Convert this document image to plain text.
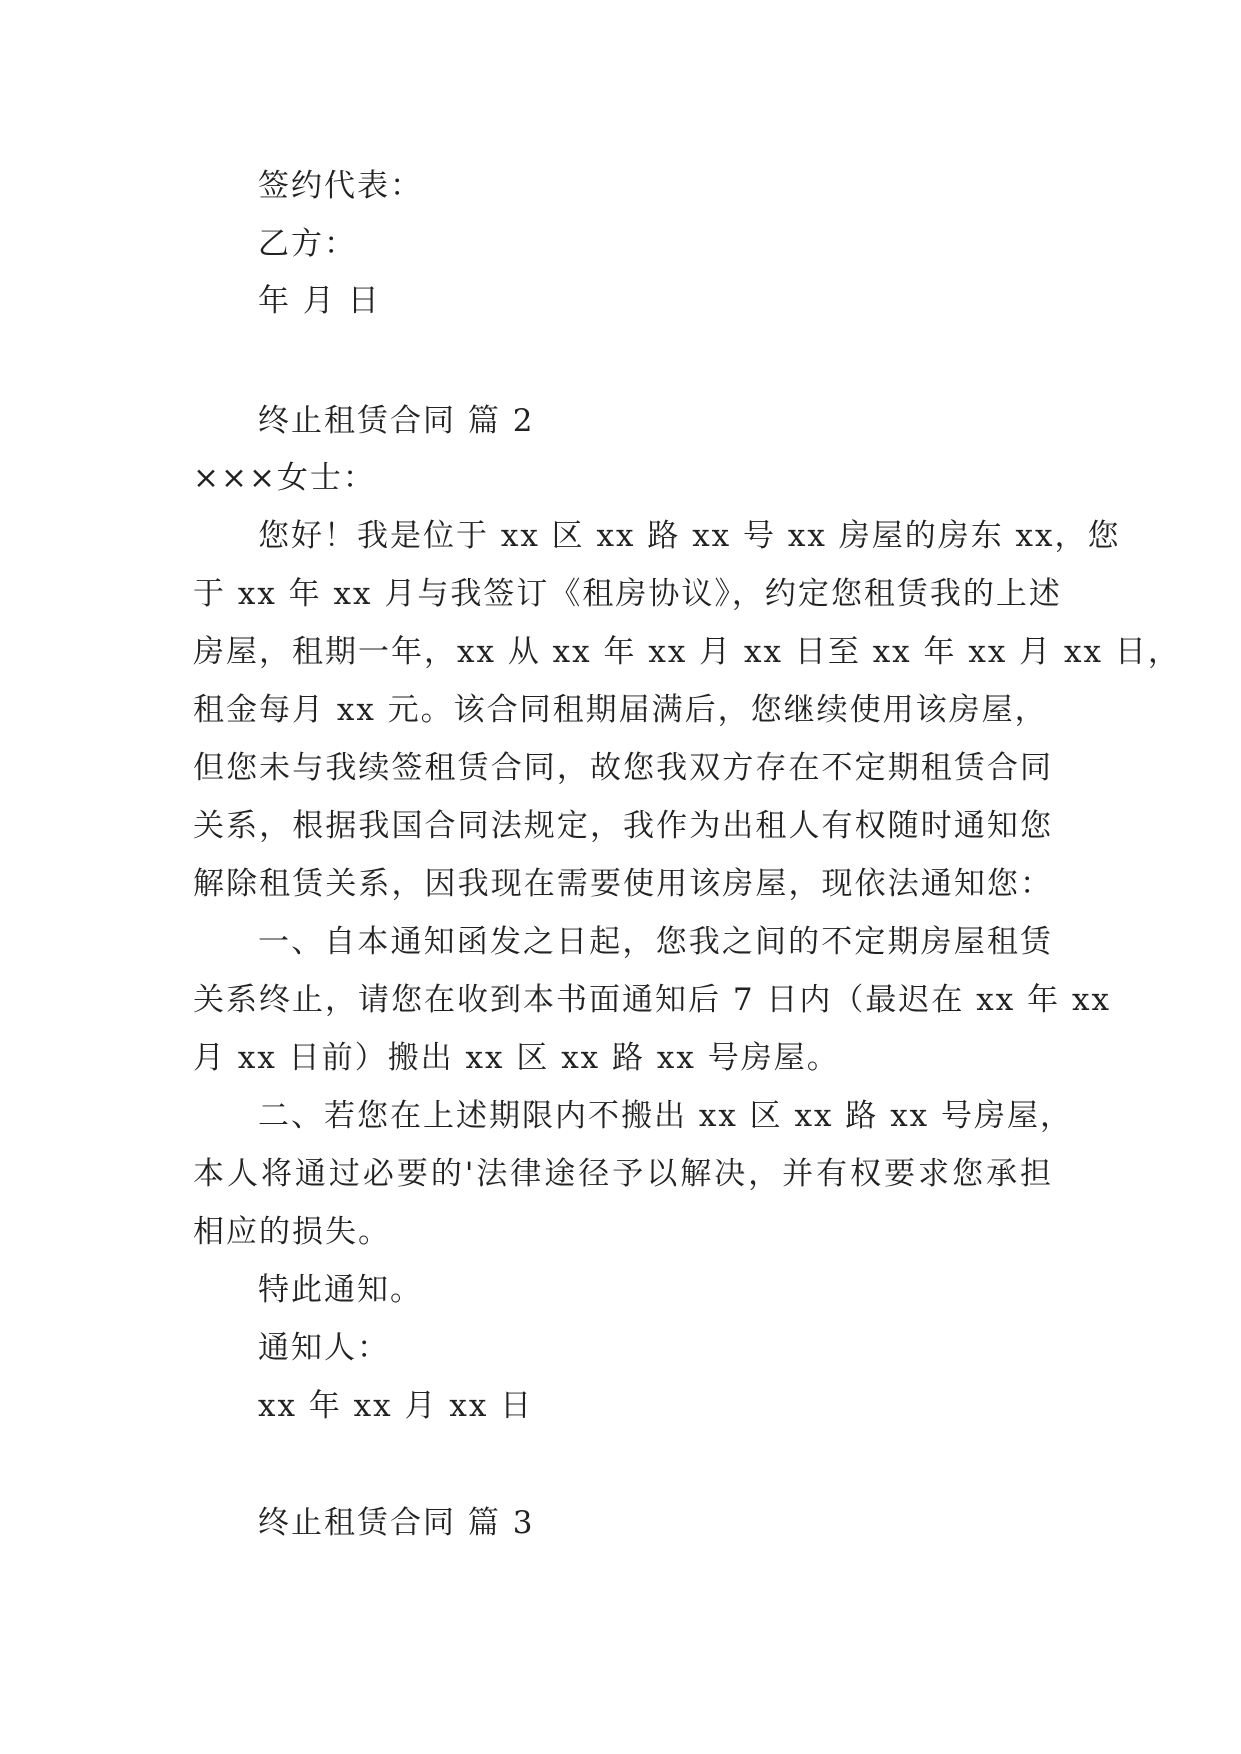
签约代表：
乙方：
年 月 日
终止租赁合同 篇 2
×××女士：
您好！我是位于 xx 区 xx 路 xx 号 xx 房屋的房东 xx，您
于 xx 年 xx 月与我签订《租房协议》，约定您租赁我的上述
房屋，租期一年，xx 从 xx 年 xx 月 xx 日至 xx 年 xx 月 xx 日，
租金每月 xx 元。该合同租期届满后，您继续使用该房屋，
但您未与我续签租赁合同，故您我双方存在不定期租赁合同
关系，根据我国合同法规定，我作为出租人有权随时通知您
解除租赁关系，因我现在需要使用该房屋，现依法通知您：
一、自本通知函发之日起，您我之间的不定期房屋租赁
关系终止，请您在收到本书面通知后 7 日内（最迟在 xx 年 xx
月 xx 日前）搬出 xx 区 xx 路 xx 号房屋。
二、若您在上述期限内不搬出 xx 区 xx 路 xx 号房屋，
本人将通过必要的'法律途径予以解决，并有权要求您承担
相应的损失。
特此通知。
通知人：
xx 年 xx 月 xx 日
终止租赁合同 篇 3
